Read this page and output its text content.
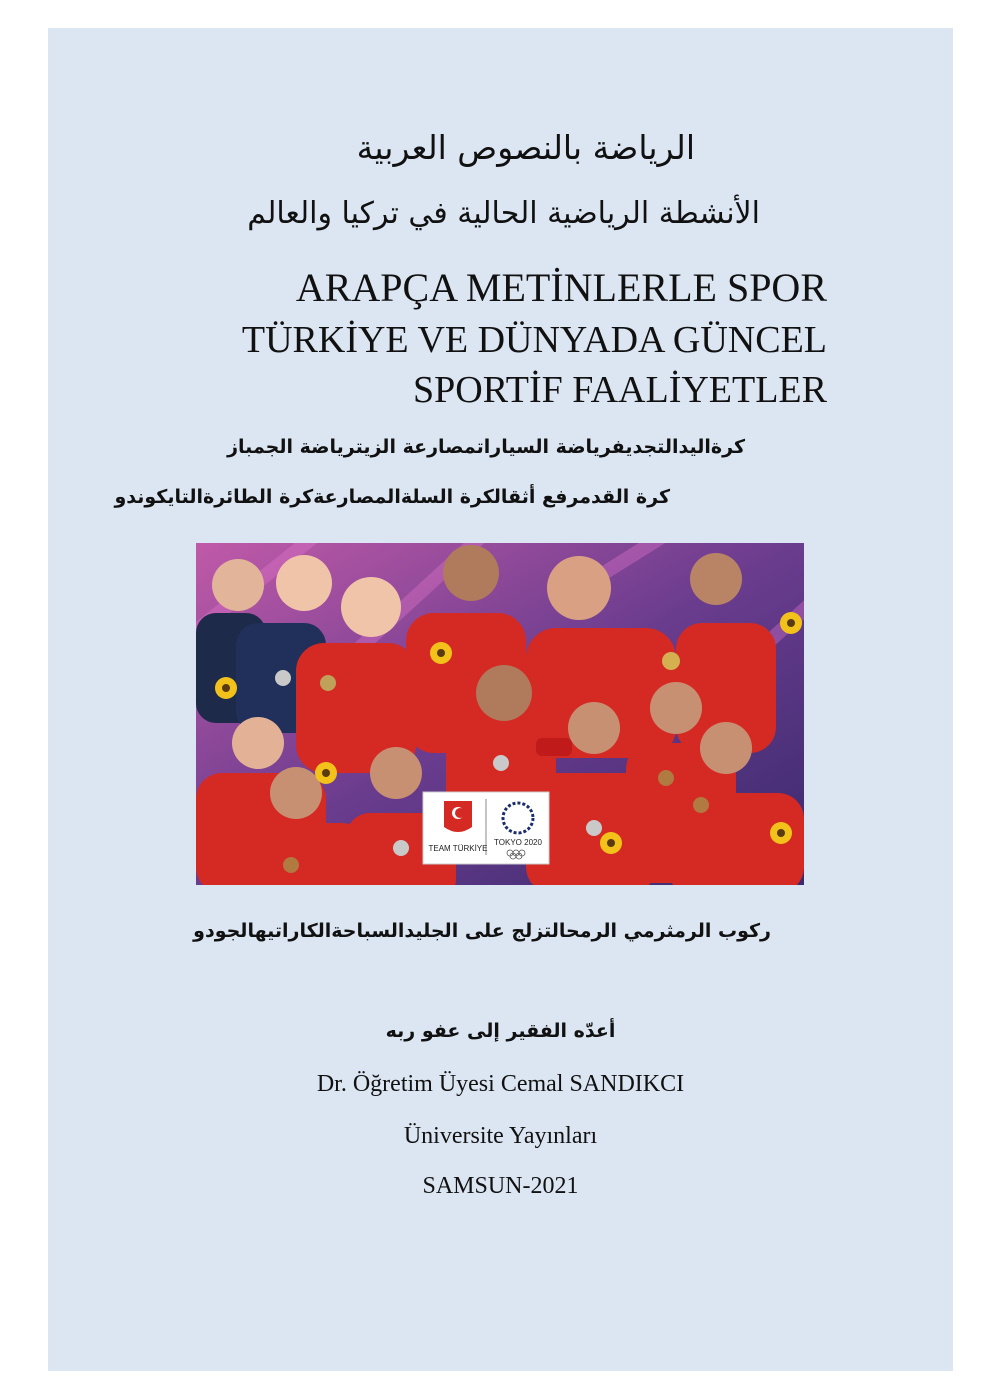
الرياضة بالنصوص العربية
الأنشطة الرياضية الحالية في تركيا والعالم
ARAPÇA METİNLERLE SPOR
TÜRKİYE VE DÜNYADA GÜNCEL
SPORTİF FAALİYETLER
كرةاليدالتجديفرياضة السياراتمصارعة الزيترياضة الجمباز
كرة القدمرفع أثقالكرة السلةالمصارعةكرة الطائرةالتايكوندو
TEAM TÜRKİYE
TOKYO 2020
ركوب الرمثرمي الرمحالتزلج على الجليدالسباحةالكاراتيهالجودو
أعدّه الفقير إلى عفو ربه
Dr. Öğretim Üyesi Cemal SANDIKCI
Üniversite Yayınları
SAMSUN-2021
